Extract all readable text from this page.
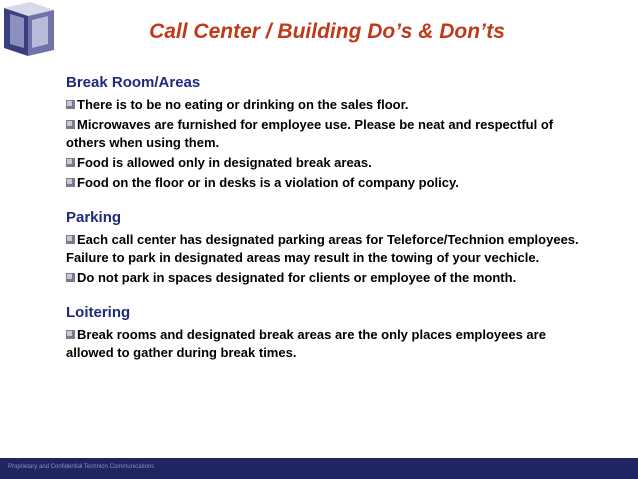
Call Center / Building Do’s & Don’ts
Break Room/Areas
There is to be no eating or drinking on the sales floor.
Microwaves are furnished for employee use. Please be neat and respectful of others when using them.
Food is allowed only in designated break areas.
Food on the floor or in desks is a violation of company policy.
Parking
Each call center has designated parking areas for Teleforce/Technion employees. Failure to park in designated areas may result in the towing of your vechicle.
Do not park in spaces designated for clients or employee of the month.
Loitering
Break rooms and designated break areas are the only places employees are allowed to gather during break times.
Proprietary and Confidential Technion Communications
